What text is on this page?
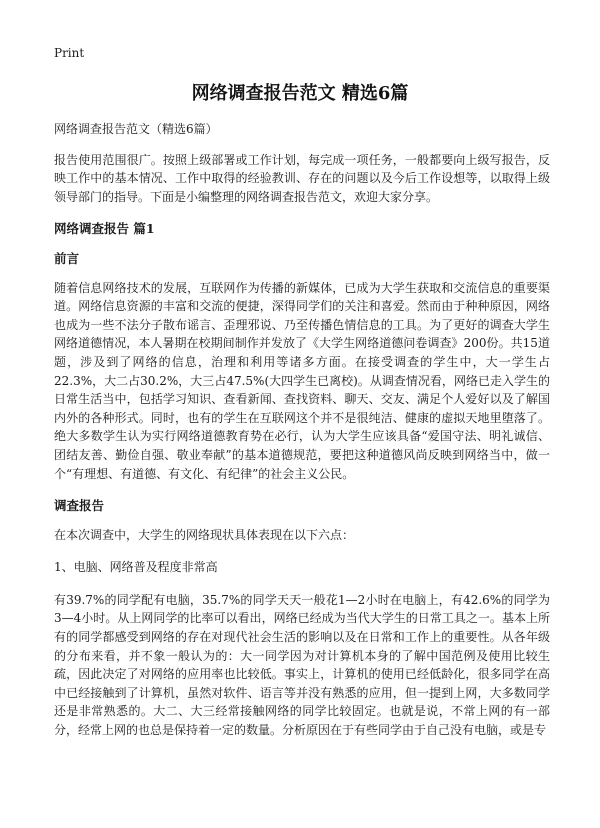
Print
网络调查报告范文 精选6篇

网络调查报告范文（精选6篇）

报告使用范围很广。按照上级部署或工作计划，每完成一项任务，一般都要向上级写报告，反映工作中的基本情况、工作中取得的经验教训、存在的问题以及今后工作设想等，以取得上级领导部门的指导。下面是小编整理的网络调查报告范文，欢迎大家分享。

网络调查报告 篇1

前言

随着信息网络技术的发展，互联网作为传播的新媒体，已成为大学生获取和交流信息的重要渠道。网络信息资源的丰富和交流的便捷，深得同学们的关注和喜爱。然而由于种种原因，网络也成为一些不法分子散布谣言、歪理邪说、乃至传播色情信息的工具。为了更好的调查大学生网络道德情况，本人暑期在校期间制作并发放了《大学生网络道德问卷调查》200份。共15道题，涉及到了网络的信息，治理和利用等诸多方面。在接受调查的学生中，大一学生占22.3%，大二占30.2%，大三占47.5%(大四学生已离校)。从调查情况看，网络已走入学生的日常生活当中，包括学习知识、查看新闻、查找资料、聊天、交友、满足个人爱好以及了解国内外的各种形式。同时，也有的学生在互联网这个并不是很纯洁、健康的虚拟天地里堕落了。绝大多数学生认为实行网络道德教育势在必行，认为大学生应该具备“爱国守法、明礼诚信、团结友善、勤俭自强、敬业奉献”的基本道德规范，要把这种道德风尚反映到网络当中，做一个“有理想、有道德、有文化、有纪律”的社会主义公民。

调查报告

在本次调查中，大学生的网络现状具体表现在以下六点：

1、电脑、网络普及程度非常高

有39.7%的同学配有电脑，35.7%的同学天天一般花1—2小时在电脑上，有42.6%的同学为3—4小时。从上网同学的比率可以看出，网络已经成为当代大学生的日常工具之一。基本上所有的同学都感受到网络的存在对现代社会生活的影响以及在日常和工作上的重要性。从各年级的分布来看，并不象一般认为的：大一同学因为对计算机本身的了解中国范例及使用比较生疏，因此决定了对网络的应用率也比较低。事实上，计算机的使用已经低龄化，很多同学在高中已经接触到了计算机，虽然对软件、语言等并没有熟悉的应用，但一提到上网，大多数同学还是非常熟悉的。大二、大三经常接触网络的同学比较固定。也就是说，不常上网的有一部分，经常上网的也总是保持着一定的数量。分析原因在于有些同学由于自己没有电脑，或是专
